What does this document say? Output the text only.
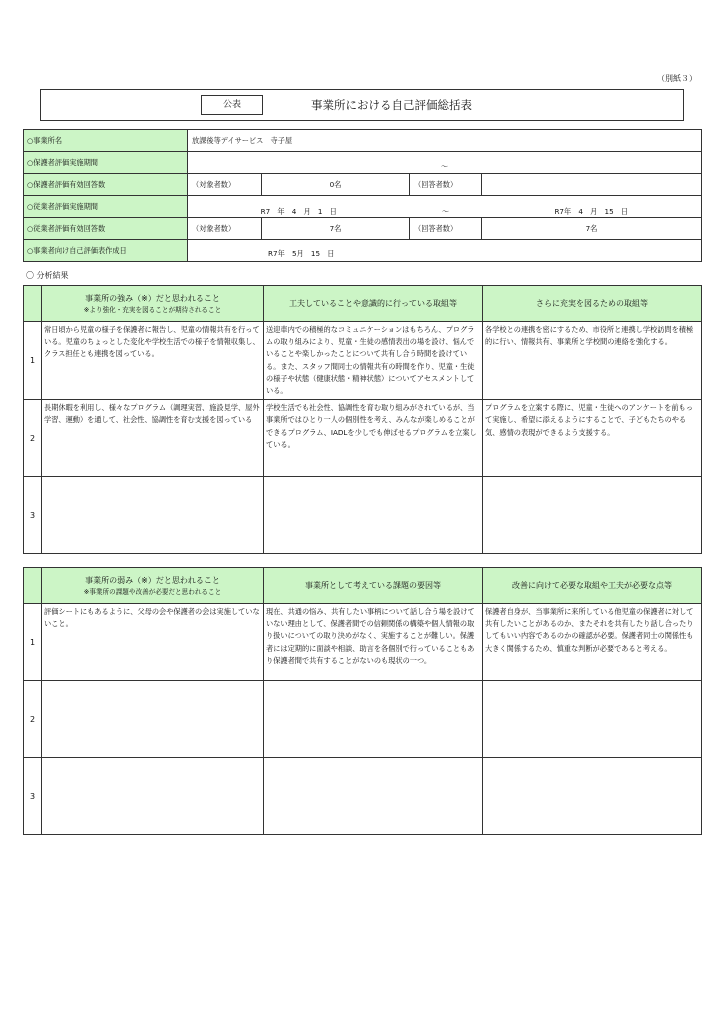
（別紙３）
公表	事業所における自己評価総括表
○事業所名	放課後等デイサービス　寺子屋			
○保護者評価実施期間	～			
○保護者評価有効回答数	（対象者数）	0名	（回答者数）	
○従業者評価実施期間	R7　年　4　月　1　日		～	R7年　4　月　15　日
○従業者評価有効回答数	（対象者数）	7名	（回答者数）	7名
○事業者向け自己評価表作成日	R7年　5月　15　日			
〇 分析結果
	事業所の強み（※）だと思われること
※より強化・充実を図ることが期待されること	工夫していることや意識的に行っている取組等	さらに充実を図るための取組等
1	常日頃から児童の様子を保護者に報告し、児童の情報共有を行っている。児童のちょっとした変化や学校生活での様子を情報収集し、クラス担任とも連携を図っている。	送迎車内での積極的なコミュニケーションはもちろん、プログラムの取り組みにより、児童・生徒の感情表出の場を設け、悩んでいることや楽しかったことについて共有し合う時間を設けている。また、スタッフ間同士の情報共有の時間を作り、児童・生徒の様子や状態（健康状態・精神状態）についてアセスメントしている。	各学校との連携を密にするため、市役所と連携し学校訪問を積極的に行い、情報共有、事業所と学校間の連絡を強化する。
2	長期休暇を利用し、様々なプログラム（調理実習、施設見学、屋外学習、運動）を通して、社会性、協調性を育む支援を図っている	学校生活でも社会性、協調性を育む取り組みがされているが、当事業所ではひとり一人の個別性を考え、みんなが楽しめることができるプログラム、IADLを少しでも伸ばせるプログラムを立案している。	プログラムを立案する際に、児童・生徒へのアンケートを前もって実施し、希望に添えるようにすることで、子どもたちのやる気、感情の表現ができるよう支援する。
3			
	事業所の弱み（※）だと思われること
※事業所の課題や改善が必要だと思われること	事業所として考えている課題の要因等	改善に向けて必要な取組や工夫が必要な点等
1	評価シートにもあるように、父母の会や保護者の会は実施していないこと。	現在、共通の悩み、共有したい事柄について話し合う場を設けていない理由として、保護者間での信頼関係の構築や個人情報の取り扱いについての取り決めがなく、実施することが難しい。保護者には定期的に面談や相談、助言を各個別で行っていることもあり保護者間で共有することがないのも現状の一つ。	保護者自身が、当事業所に来所している他児童の保護者に対して共有したいことがあるのか、またそれを共有したり話し合ったりしてもいい内容であるのかの確認が必要。保護者同士の関係性も大きく関係するため、慎重な判断が必要であると考える。
2			
3			
